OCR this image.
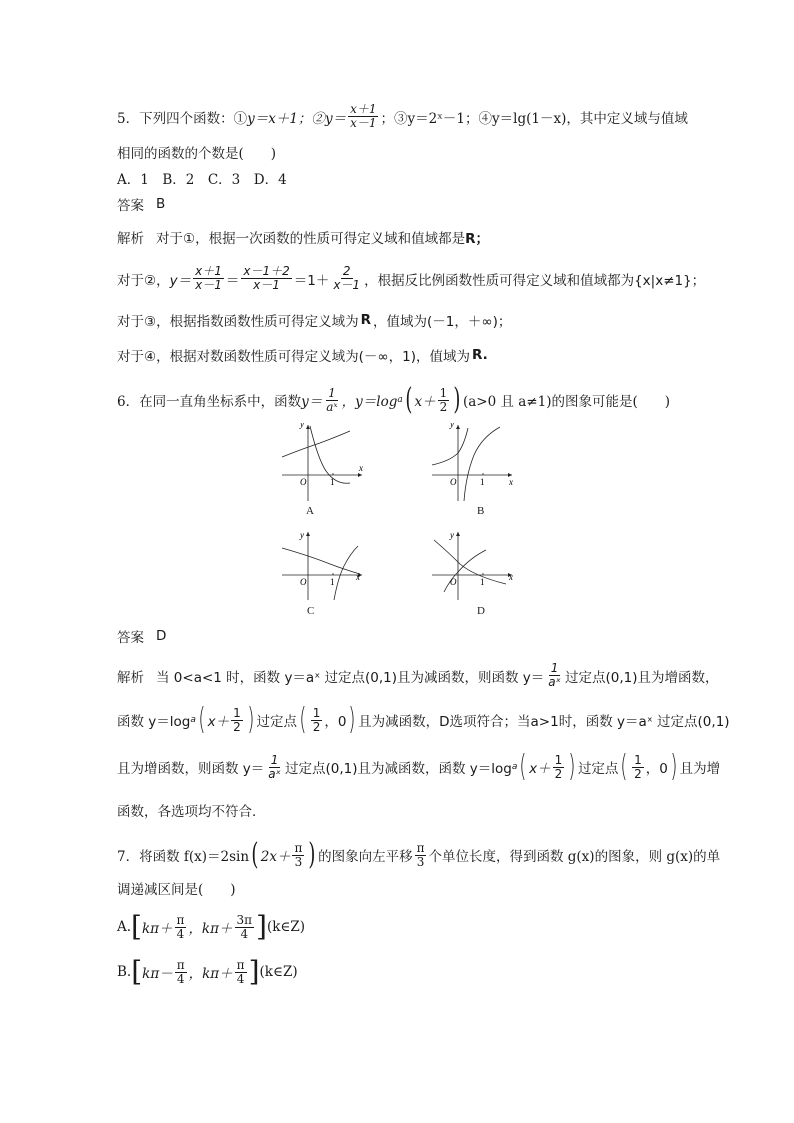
5．下列四个函数：① y＝x＋1；② $y= \frac{x+1}{x-1}$ ；③y＝2ˣ－1；④y＝lg(1－x)，其中定义域与值域
相同的函数的个数是(　　)
A．1　B．2　C．3　D．4
答案 B
解析 对于①，根据一次函数的性质可得定义域和值域都是 R；
对于②， $y= \frac{x+1}{x-1} = \frac{x-1+2}{x-1} =1+ \frac{2}{x-1}$ ，根据反比例函数性质可得定义域和值域都为{x|x≠1}；
对于③，根据指数函数性质可得定义域为 R ，值域为(－1，＋∞)；
对于④，根据对数函数性质可得定义域为(－∞，1)，值域为 R.
6．在同一直角坐标系中，函数 $y= \frac{1}{\text{aˣ}}$ ，y＝log a ( $x+ \frac{1}{2}$ ) (a>0 且 a≠1)的图象可能是(　　)
y
x
O	1
A
y
x
O	1
B
y
x
O	1
C
y
x
O	1
D
答案 D
解析 当 0<a<1 时，函数 y＝aˣ 过定点(0,1)且为减函数，则函数 $y= \frac{1}{\text{aˣ}}$ 过定点(0,1)且为增函数，
函数 y＝log a ( $x+ \frac{1}{2}$ ) 过定点 ( $\frac{1}{2}$ ，0 ) 且为减函数，D选项符合；当a>1时，函数 y＝aˣ 过定点(0,1)
且为增函数，则函数 $y= \frac{1}{\text{aˣ}}$ 过定点(0,1)且为减函数，函数 y＝log a ( $x+ \frac{1}{2}$ ) 过定点 ( $\frac{1}{2}$ ，0 ) 且为增
函数，各选项均不符合．
7．将函数 f(x)＝2sin ( $2x+ \frac{\pi}{3}$ ) 的图象向左平移 $\frac{\pi}{3}$ 个单位长度，得到函数 g(x)的图象，则 g(x)的单
调递减区间是(　　)
A. [ $k\pi+ \frac{\pi}{4}$ ，$k\pi+ \frac{3\pi}{4}$ ] (k∈Z)
B. [ $k\pi- \frac{\pi}{4}$ ，$k\pi+ \frac{\pi}{4}$ ] (k∈Z)
